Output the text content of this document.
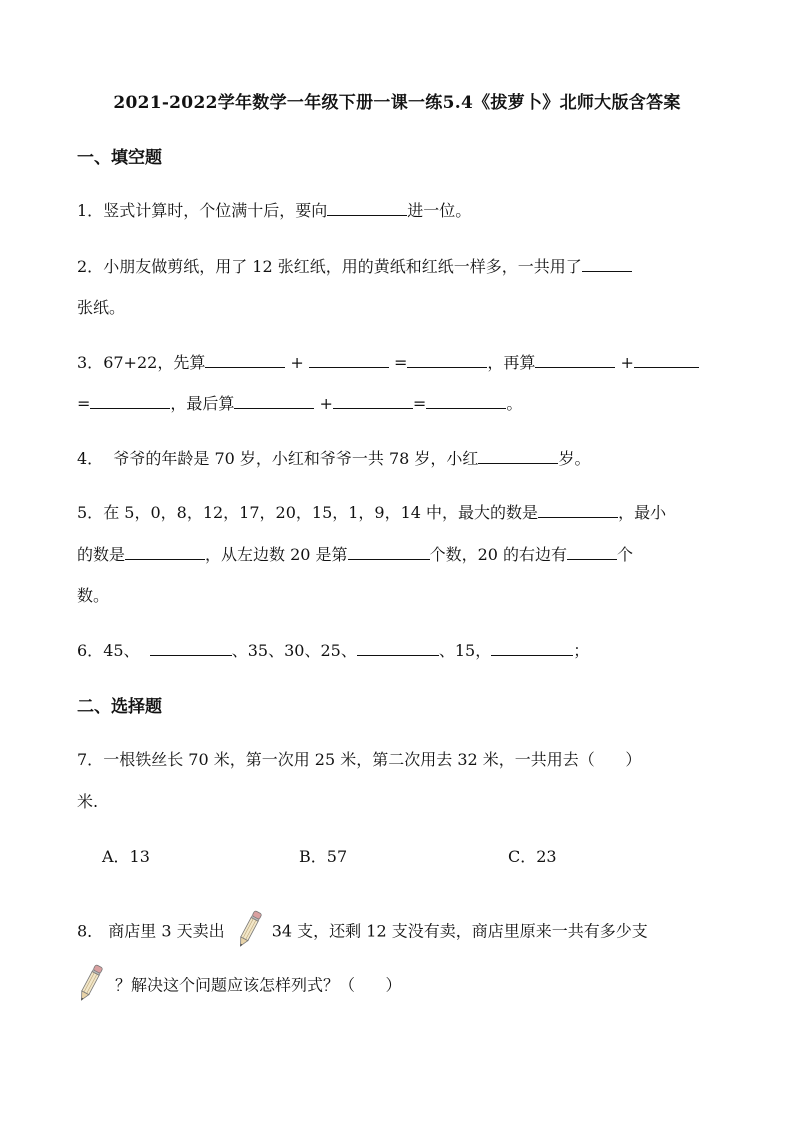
2021-2022学年数学一年级下册一课一练5.4《拔萝卜》北师大版含答案
一、填空题
1．竖式计算时，个位满十后，要向	进一位。
2．小朋友做剪纸，用了 12 张红纸，用的黄纸和红纸一样多，一共用了
张纸。
3．67+22，先算	+	=	，再算	+
=	，最后算	+	=	。
4． 爷爷的年龄是 70 岁，小红和爷爷一共 78 岁，小红	岁。
5．在 5，0，8，12，17，20，15，1，9，14 中，最大的数是	，最小
的数是	，从左边数 20 是第	个数，20 的右边有	个
数。
6．45、	、35、30、25、	、15，	；
二、选择题
7．一根铁丝长 70 米，第一次用 25 米，第二次用去 32 米，一共用去（ ）
米.
A．13	B．57	C．23
8． 商店里 3 天卖出	34 支，还剩 12 支没有卖，商店里原来一共有多少支
？解决这个问题应该怎样列式？（ ）
